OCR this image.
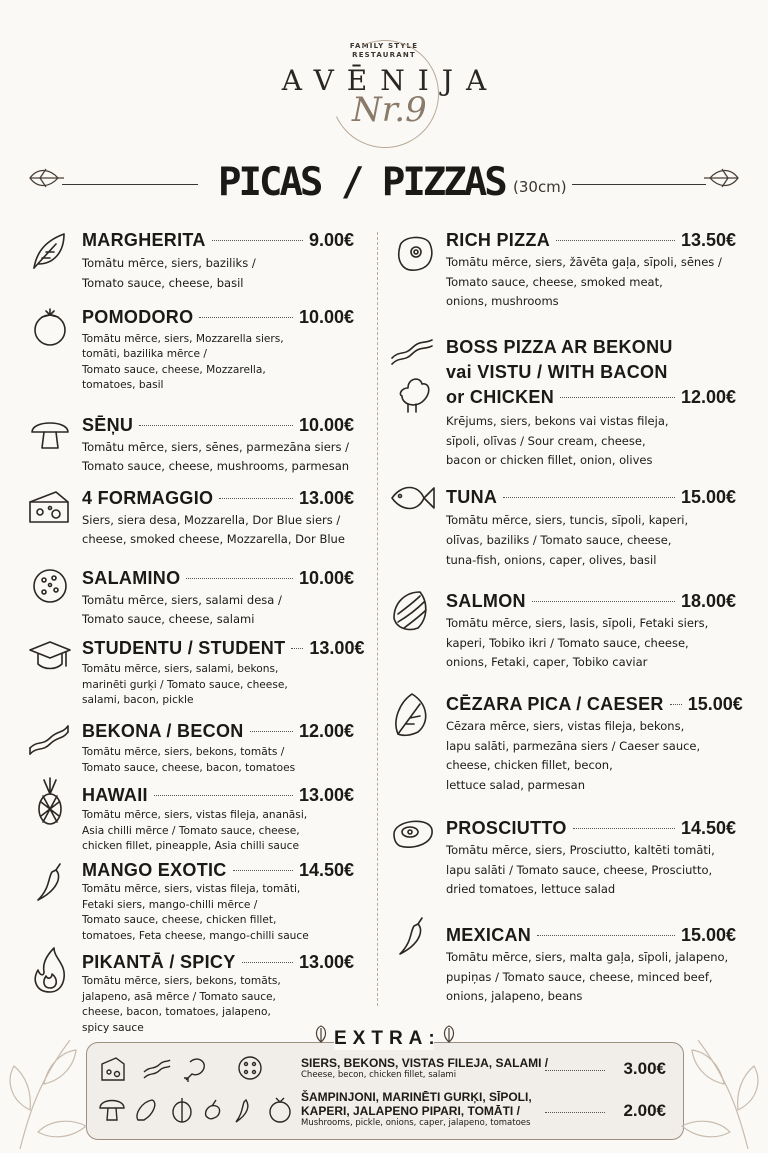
FAMILY STYLE
RESTAURANT
AVĒNIJA
Nr.9
PICAS / PIZZAS (30cm)
MARGHERITA	9.00€
Tomātu mērce, siers, baziliks /
Tomato sauce, cheese, basil
POMODORO	10.00€
Tomātu mērce, siers, Mozzarella siers,
tomāti, bazilika mērce /
Tomato sauce, cheese, Mozzarella,
tomatoes, basil
SĒŅU	10.00€
Tomātu mērce, siers, sēnes, parmezāna siers /
Tomato sauce, cheese, mushrooms, parmesan
4 FORMAGGIO	13.00€
Siers, siera desa, Mozzarella, Dor Blue siers /
cheese, smoked cheese, Mozzarella, Dor Blue
SALAMINO	10.00€
Tomātu mērce, siers, salami desa /
Tomato sauce, cheese, salami
STUDENTU / STUDENT 13.00€
Tomātu mērce, siers, salami, bekons,
marinēti gurķi / Tomato sauce, cheese,
salami, bacon, pickle
BEKONA / BECON	12.00€
Tomātu mērce, siers, bekons, tomāts /
Tomato sauce, cheese, bacon, tomatoes
HAWAII	13.00€
Tomātu mērce, siers, vistas fileja, ananāsi,
Asia chilli mērce / Tomato sauce, cheese,
chicken fillet, pineapple, Asia chilli sauce
MANGO EXOTIC	14.50€
Tomātu mērce, siers, vistas fileja, tomāti,
Fetaki siers, mango-chilli mērce /
Tomato sauce, cheese, chicken fillet,
tomatoes, Feta cheese, mango-chilli sauce
PIKANTĀ / SPICY	13.00€
Tomātu mērce, siers, bekons, tomāts,
jalapeno, asā mērce / Tomato sauce,
cheese, bacon, tomatoes, jalapeno,
spicy sauce
RICH PIZZA	13.50€
Tomātu mērce, siers, žāvēta gaļa, sīpoli, sēnes /
Tomato sauce, cheese, smoked meat,
onions, mushrooms
BOSS PIZZA AR BEKONU
vai VISTU / WITH BACON
or CHICKEN	12.00€
Krējums, siers, bekons vai vistas fileja,
sīpoli, olīvas / Sour cream, cheese,
bacon or chicken fillet, onion, olives
TUNA	15.00€
Tomātu mērce, siers, tuncis, sīpoli, kaperi,
olīvas, baziliks / Tomato sauce, cheese,
tuna-fish, onions, caper, olives, basil
SALMON	18.00€
Tomātu mērce, siers, lasis, sīpoli, Fetaki siers,
kaperi, Tobiko ikri / Tomato sauce, cheese,
onions, Fetaki, caper, Tobiko caviar
CĒZARA PICA / CAESER 15.00€
Cēzara mērce, siers, vistas fileja, bekons,
lapu salāti, parmezāna siers / Caeser sauce,
cheese, chicken fillet, becon,
lettuce salad, parmesan
PROSCIUTTO	14.50€
Tomātu mērce, siers, Prosciutto, kaltēti tomāti,
lapu salāti / Tomato sauce, cheese, Prosciutto,
dried tomatoes, lettuce salad
MEXICAN	15.00€
Tomātu mērce, siers, malta gaļa, sīpoli, jalapeno,
pupiņas / Tomato sauce, cheese, minced beef,
onions, jalapeno, beans
EXTRA:
SIERS, BEKONS, VISTAS FILEJA, SALAMI /
Cheese, becon, chicken fillet, salami	3.00€
ŠAMPINJONI, MARINĒTI GURĶI, SĪPOLI, KAPERI, JALAPENO PIPARI, TOMĀTI /
Mushrooms, pickle, onions, caper, jalapeno, tomatoes
2.00€
